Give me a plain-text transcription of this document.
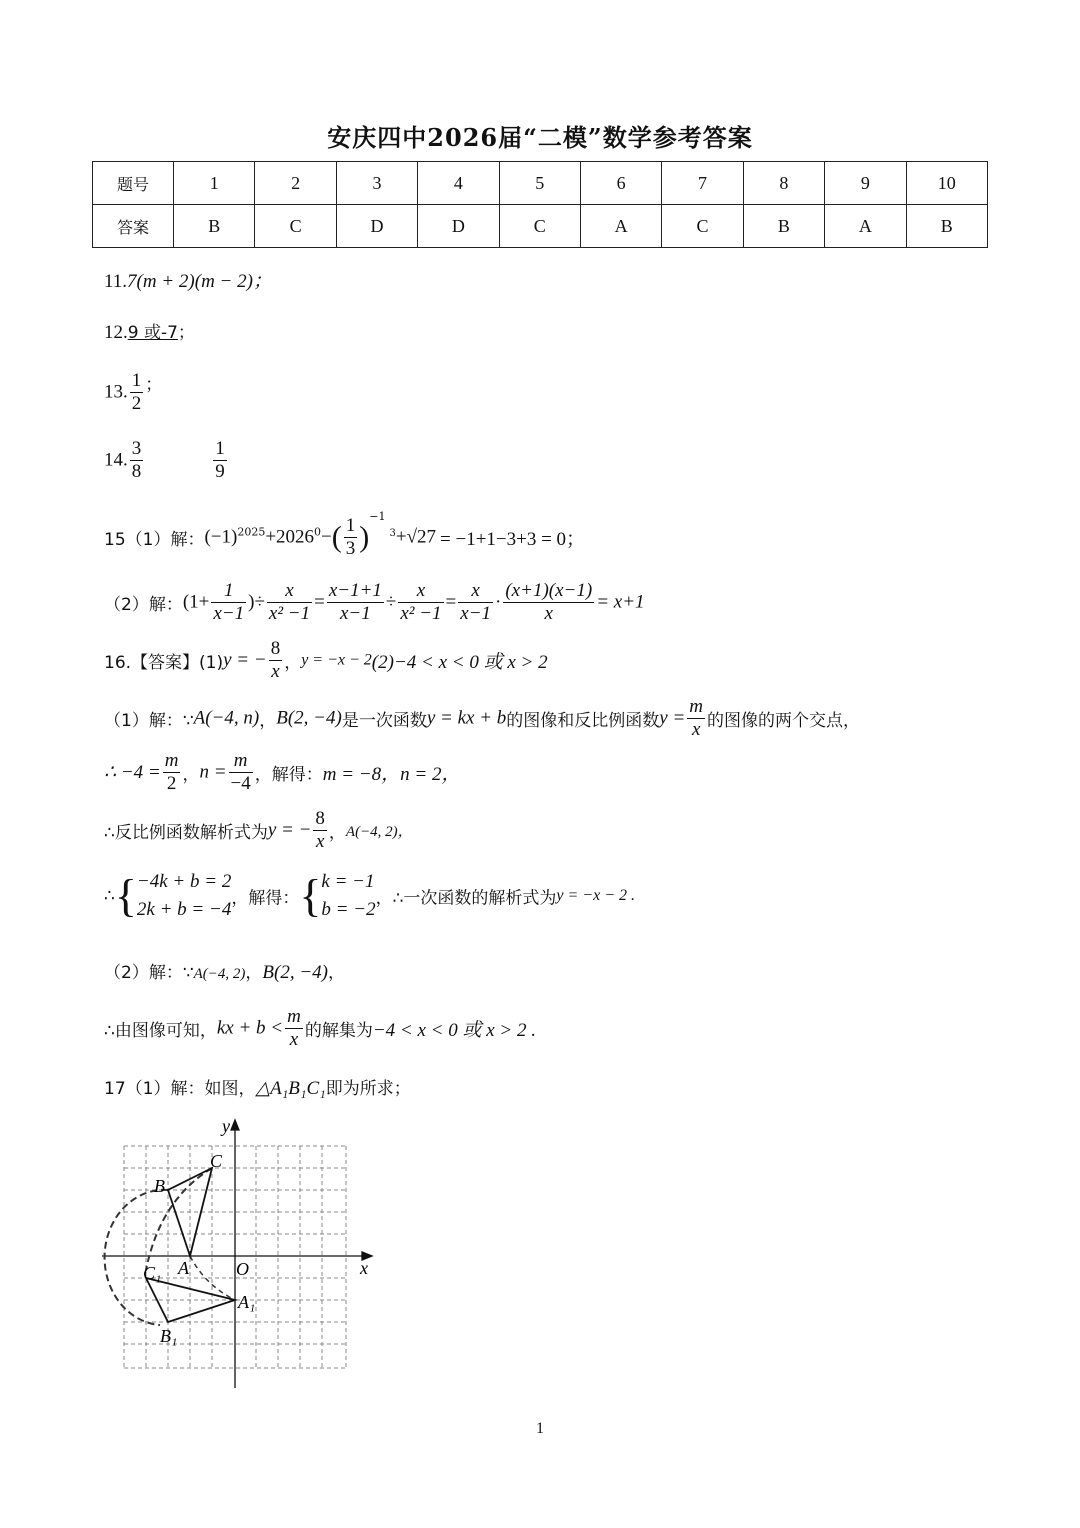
安庆四中2026届“二模”数学参考答案
题号	1	2	3	4	5	6	7	8	9	10
答案	B	C	D	D	C	A	C	B	A	B
11.7(m + 2)(m − 2)；
12.9 或-7；
13. $\frac{1}{2}$ ；
14. $\frac{3}{8}$	$\frac{1}{9}$
15（1）解：$(-1)^{2025}+2026^0-( \frac{1}{3} )^{-13}+√27 = -1+1-3+3 = 0$；
（2）解：($1+ \frac{1}{x-1}$ )÷ $\frac{x}{\text{x² −1}} = \frac{x-1+1}{x-1} \div \frac{x}{\text{x² −1}} = \frac{x}{x-1} \cdot \frac{(x+1)(x-1)}{x} = x+1$
16.【答案】(1)y = − $\frac{8}{x}$ ，y = −x − 2(2)−4 < x < 0 或 x > 2
（1）解：∵A(−4, n)，B(2, −4)是一次函数y = kx + b的图像和反比例函数$y = \frac{m}{x}$ 的图像的两个交点，
∴ $-4 = \frac{m}{2}$ ，$n = \frac{m}{-4}$ ，解得：m = −8，n = 2，
∴反比例函数解析式为y = − $\frac{8}{x}$ ，A(−4, 2)，
∴{ −4k + b = 2
2k + b = −4
，解得：{ k = −1
b = −2
，∴一次函数的解析式为y = −x − 2 .
（2）解：∵A(−4, 2)，B(2, −4)，
∴由图像可知，kx + $b < \frac{m}{x}$ 的解集为−4 < x < 0 或 x > 2 .
17（1）解：如图，△A₁B₁C₁即为所求；
y
x
O
A
B
C
A₁
B₁
C₁
1
